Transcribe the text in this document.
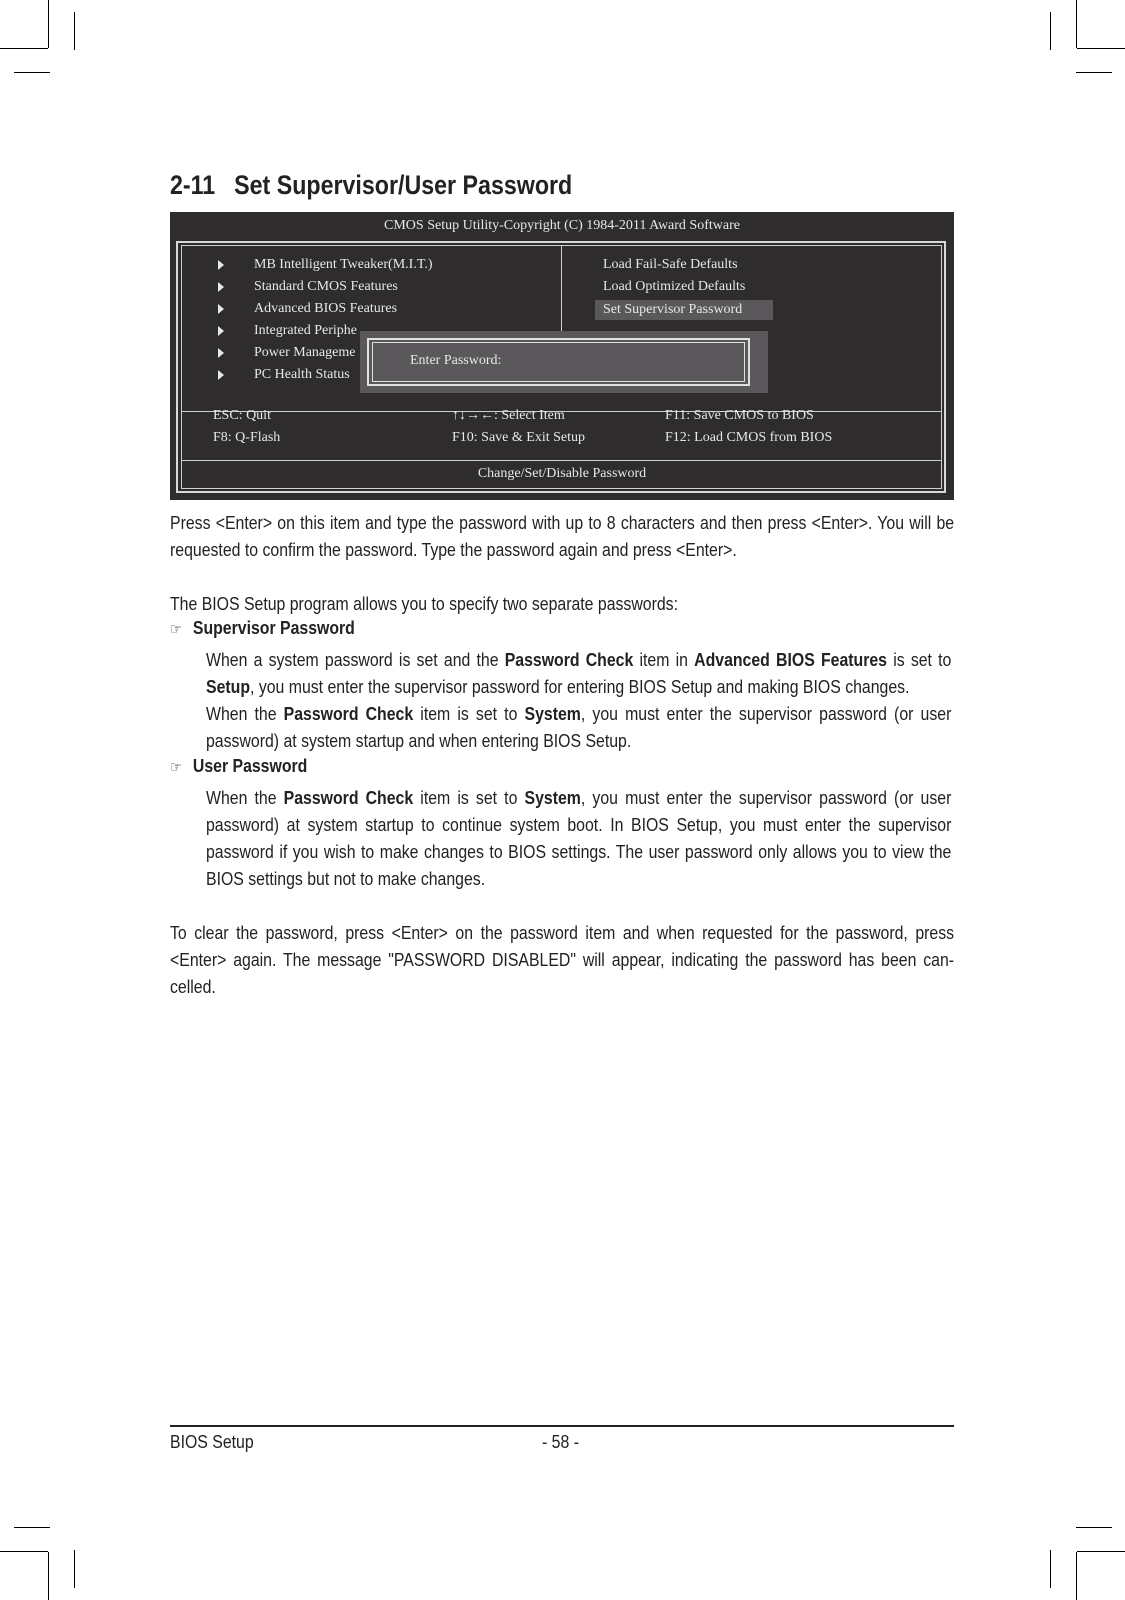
2-11 Set Supervisor/User Password
CMOS Setup Utility-Copyright (C) 1984-2011 Award Software
MB Intelligent Tweaker(M.I.T.)
Standard CMOS Features
Advanced BIOS Features
Integrated Periphe
Power Manageme
PC Health Status
Load Fail-Safe Defaults
Load Optimized Defaults
Set Supervisor Password
Enter Password:
ESC: Quit
F8: Q-Flash
↑↓→←: Select Item
F10: Save & Exit Setup
F11: Save CMOS to BIOS
F12: Load CMOS from BIOS
Change/Set/Disable Password
Press <Enter> on this item and type the password with up to 8 characters and then press <Enter>. You will be requested to confirm the password. Type the password again and press <Enter>.
The BIOS Setup program allows you to specify two separate passwords:
☞ Supervisor Password
When a system password is set and the Password Check item in Advanced BIOS Features is set to Setup, you must enter the supervisor password for entering BIOS Setup and making BIOS changes.
When the Password Check item is set to System, you must enter the supervisor password (or user password) at system startup and when entering BIOS Setup.
☞ User Password
When the Password Check item is set to System, you must enter the supervisor password (or user password) at system startup to continue system boot. In BIOS Setup, you must enter the supervisor password if you wish to make changes to BIOS settings. The user password only allows you to view the BIOS settings but not to make changes.
To clear the password, press <Enter> on the password item and when requested for the password, press <Enter> again. The message "PASSWORD DISABLED" will appear, indicating the password has been can-celled.
BIOS Setup	- 58 -
